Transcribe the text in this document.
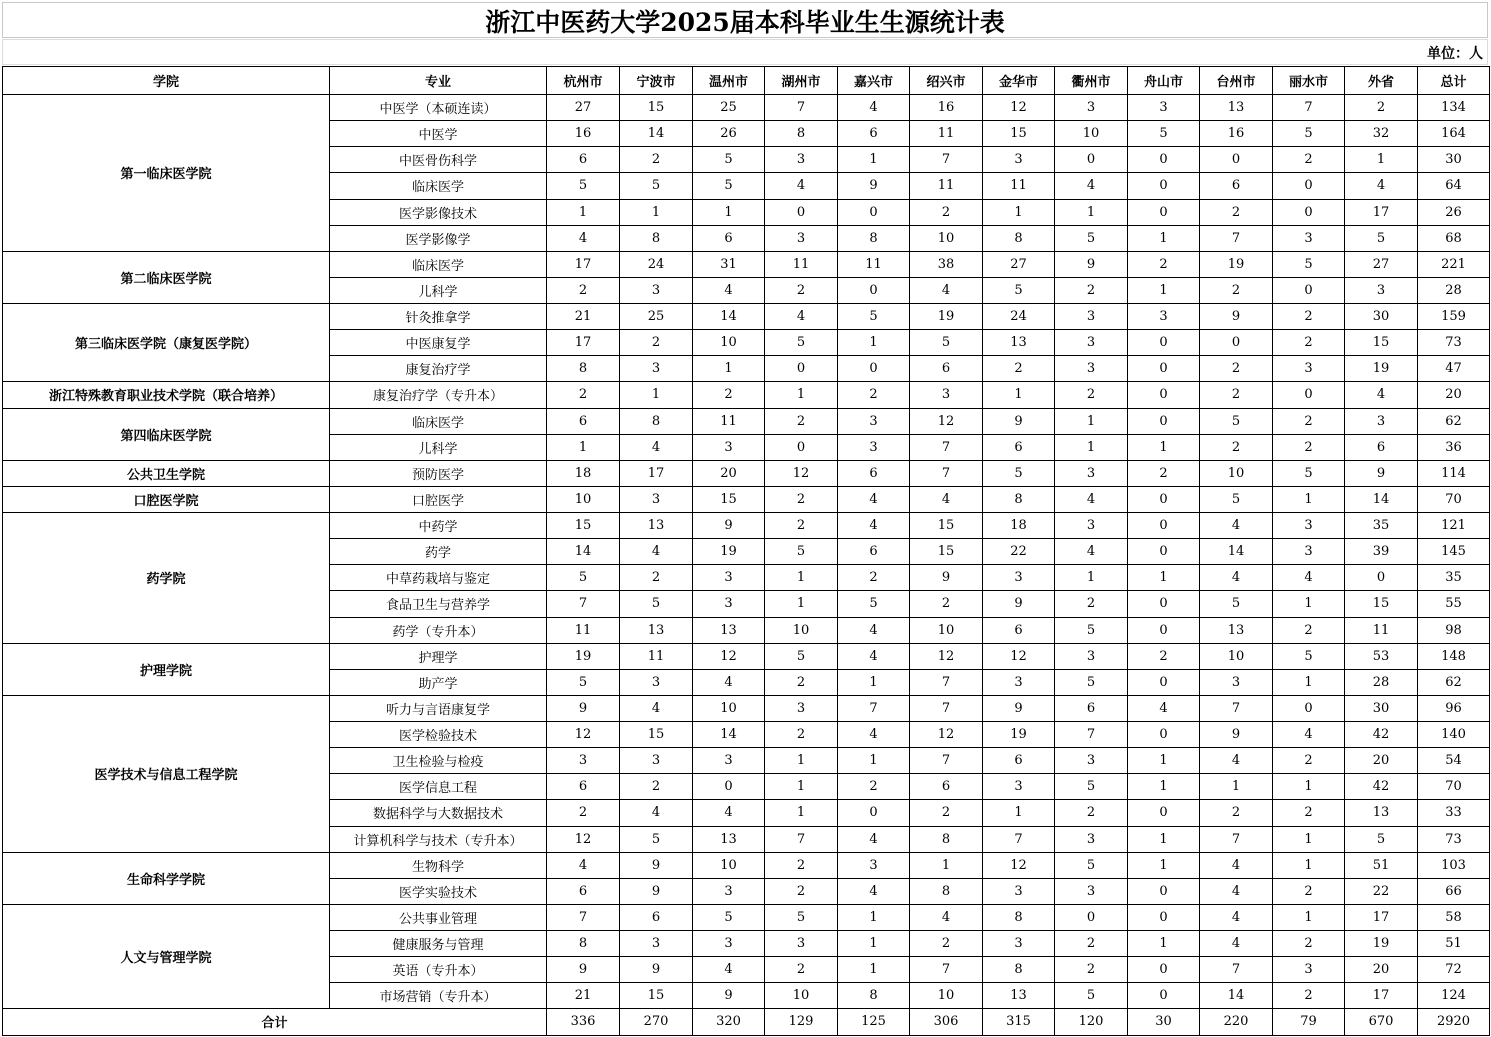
浙江中医药大学2025届本科毕业生生源统计表
单位：人
学院	专业	杭州市	宁波市	温州市	湖州市	嘉兴市	绍兴市	金华市	衢州市	舟山市	台州市	丽水市	外省	总计
第一临床医学院	中医学（本硕连读）	27	15	25	7	4	16	12	3	3	13	7	2	134
	中医学	16	14	26	8	6	11	15	10	5	16	5	32	164
	中医骨伤科学	6	2	5	3	1	7	3	0	0	0	2	1	30
	临床医学	5	5	5	4	9	11	11	4	0	6	0	4	64
	医学影像技术	1	1	1	0	0	2	1	1	0	2	0	17	26
	医学影像学	4	8	6	3	8	10	8	5	1	7	3	5	68
第二临床医学院	临床医学	17	24	31	11	11	38	27	9	2	19	5	27	221
	儿科学	2	3	4	2	0	4	5	2	1	2	0	3	28
第三临床医学院（康复医学院）	针灸推拿学	21	25	14	4	5	19	24	3	3	9	2	30	159
	中医康复学	17	2	10	5	1	5	13	3	0	0	2	15	73
	康复治疗学	8	3	1	0	0	6	2	3	0	2	3	19	47
浙江特殊教育职业技术学院（联合培养）	康复治疗学（专升本）	2	1	2	1	2	3	1	2	0	2	0	4	20
第四临床医学院	临床医学	6	8	11	2	3	12	9	1	0	5	2	3	62
	儿科学	1	4	3	0	3	7	6	1	1	2	2	6	36
公共卫生学院	预防医学	18	17	20	12	6	7	5	3	2	10	5	9	114
口腔医学院	口腔医学	10	3	15	2	4	4	8	4	0	5	1	14	70
药学院	中药学	15	13	9	2	4	15	18	3	0	4	3	35	121
	药学	14	4	19	5	6	15	22	4	0	14	3	39	145
	中草药栽培与鉴定	5	2	3	1	2	9	3	1	1	4	4	0	35
	食品卫生与营养学	7	5	3	1	5	2	9	2	0	5	1	15	55
	药学（专升本）	11	13	13	10	4	10	6	5	0	13	2	11	98
护理学院	护理学	19	11	12	5	4	12	12	3	2	10	5	53	148
	助产学	5	3	4	2	1	7	3	5	0	3	1	28	62
医学技术与信息工程学院	听力与言语康复学	9	4	10	3	7	7	9	6	4	7	0	30	96
	医学检验技术	12	15	14	2	4	12	19	7	0	9	4	42	140
	卫生检验与检疫	3	3	3	1	1	7	6	3	1	4	2	20	54
	医学信息工程	6	2	0	1	2	6	3	5	1	1	1	42	70
	数据科学与大数据技术	2	4	4	1	0	2	1	2	0	2	2	13	33
	计算机科学与技术（专升本）	12	5	13	7	4	8	7	3	1	7	1	5	73
生命科学学院	生物科学	4	9	10	2	3	1	12	5	1	4	1	51	103
	医学实验技术	6	9	3	2	4	8	3	3	0	4	2	22	66
人文与管理学院	公共事业管理	7	6	5	5	1	4	8	0	0	4	1	17	58
	健康服务与管理	8	3	3	3	1	2	3	2	1	4	2	19	51
	英语（专升本）	9	9	4	2	1	7	8	2	0	7	3	20	72
	市场营销（专升本）	21	15	9	10	8	10	13	5	0	14	2	17	124
合计		336	270	320	129	125	306	315	120	30	220	79	670	2920
